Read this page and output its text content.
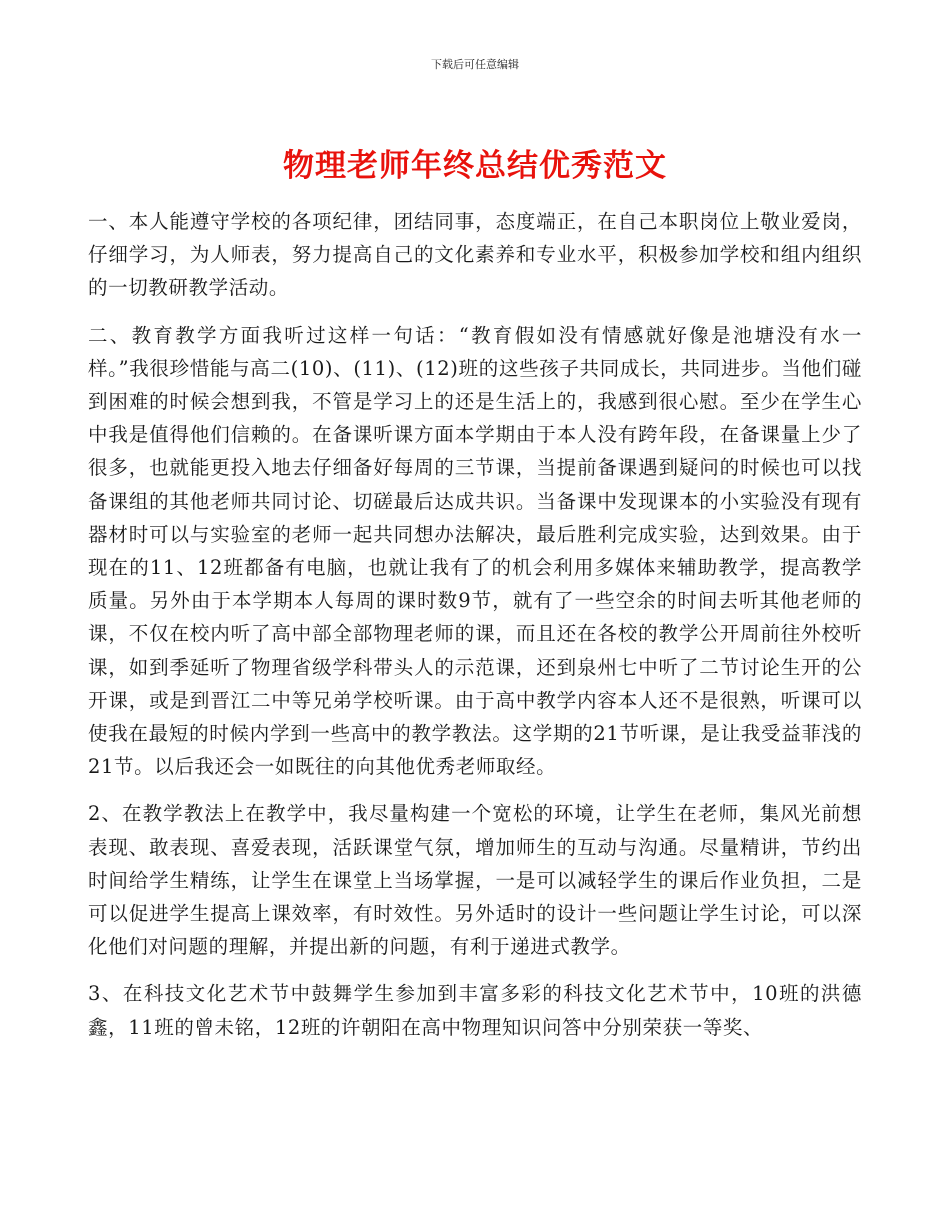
下载后可任意编辑
物理老师年终总结优秀范文

一、本人能遵守学校的各项纪律，团结同事，态度端正，在自己本职岗位上敬业爱岗，仔细学习，为人师表，努力提高自己的文化素养和专业水平，积极参加学校和组内组织的一切教研教学活动。

二、教育教学方面我听过这样一句话：“教育假如没有情感就好像是池塘没有水一样。”我很珍惜能与高二(10)、(11)、(12)班的这些孩子共同成长，共同进步。当他们碰到困难的时候会想到我，不管是学习上的还是生活上的，我感到很心慰。至少在学生心中我是值得他们信赖的。在备课听课方面本学期由于本人没有跨年段，在备课量上少了很多，也就能更投入地去仔细备好每周的三节课，当提前备课遇到疑问的时候也可以找备课组的其他老师共同讨论、切磋最后达成共识。当备课中发现课本的小实验没有现有器材时可以与实验室的老师一起共同想办法解决，最后胜利完成实验，达到效果。由于现在的11、12班都备有电脑，也就让我有了的机会利用多媒体来辅助教学，提高教学质量。另外由于本学期本人每周的课时数9节，就有了一些空余的时间去听其他老师的课，不仅在校内听了高中部全部物理老师的课，而且还在各校的教学公开周前往外校听课，如到季延听了物理省级学科带头人的示范课，还到泉州七中听了二节讨论生开的公开课，或是到晋江二中等兄弟学校听课。由于高中教学内容本人还不是很熟，听课可以使我在最短的时候内学到一些高中的教学教法。这学期的21节听课，是让我受益菲浅的21节。以后我还会一如既往的向其他优秀老师取经。

2、在教学教法上在教学中，我尽量构建一个宽松的环境，让学生在老师，集风光前想表现、敢表现、喜爱表现，活跃课堂气氛，增加师生的互动与沟通。尽量精讲，节约出时间给学生精练，让学生在课堂上当场掌握，一是可以减轻学生的课后作业负担，二是可以促进学生提高上课效率，有时效性。另外适时的设计一些问题让学生讨论，可以深化他们对问题的理解，并提出新的问题，有利于递进式教学。

3、在科技文化艺术节中鼓舞学生参加到丰富多彩的科技文化艺术节中，10班的洪德鑫，11班的曾未铭，12班的许朝阳在高中物理知识问答中分别荣获一等奖、
